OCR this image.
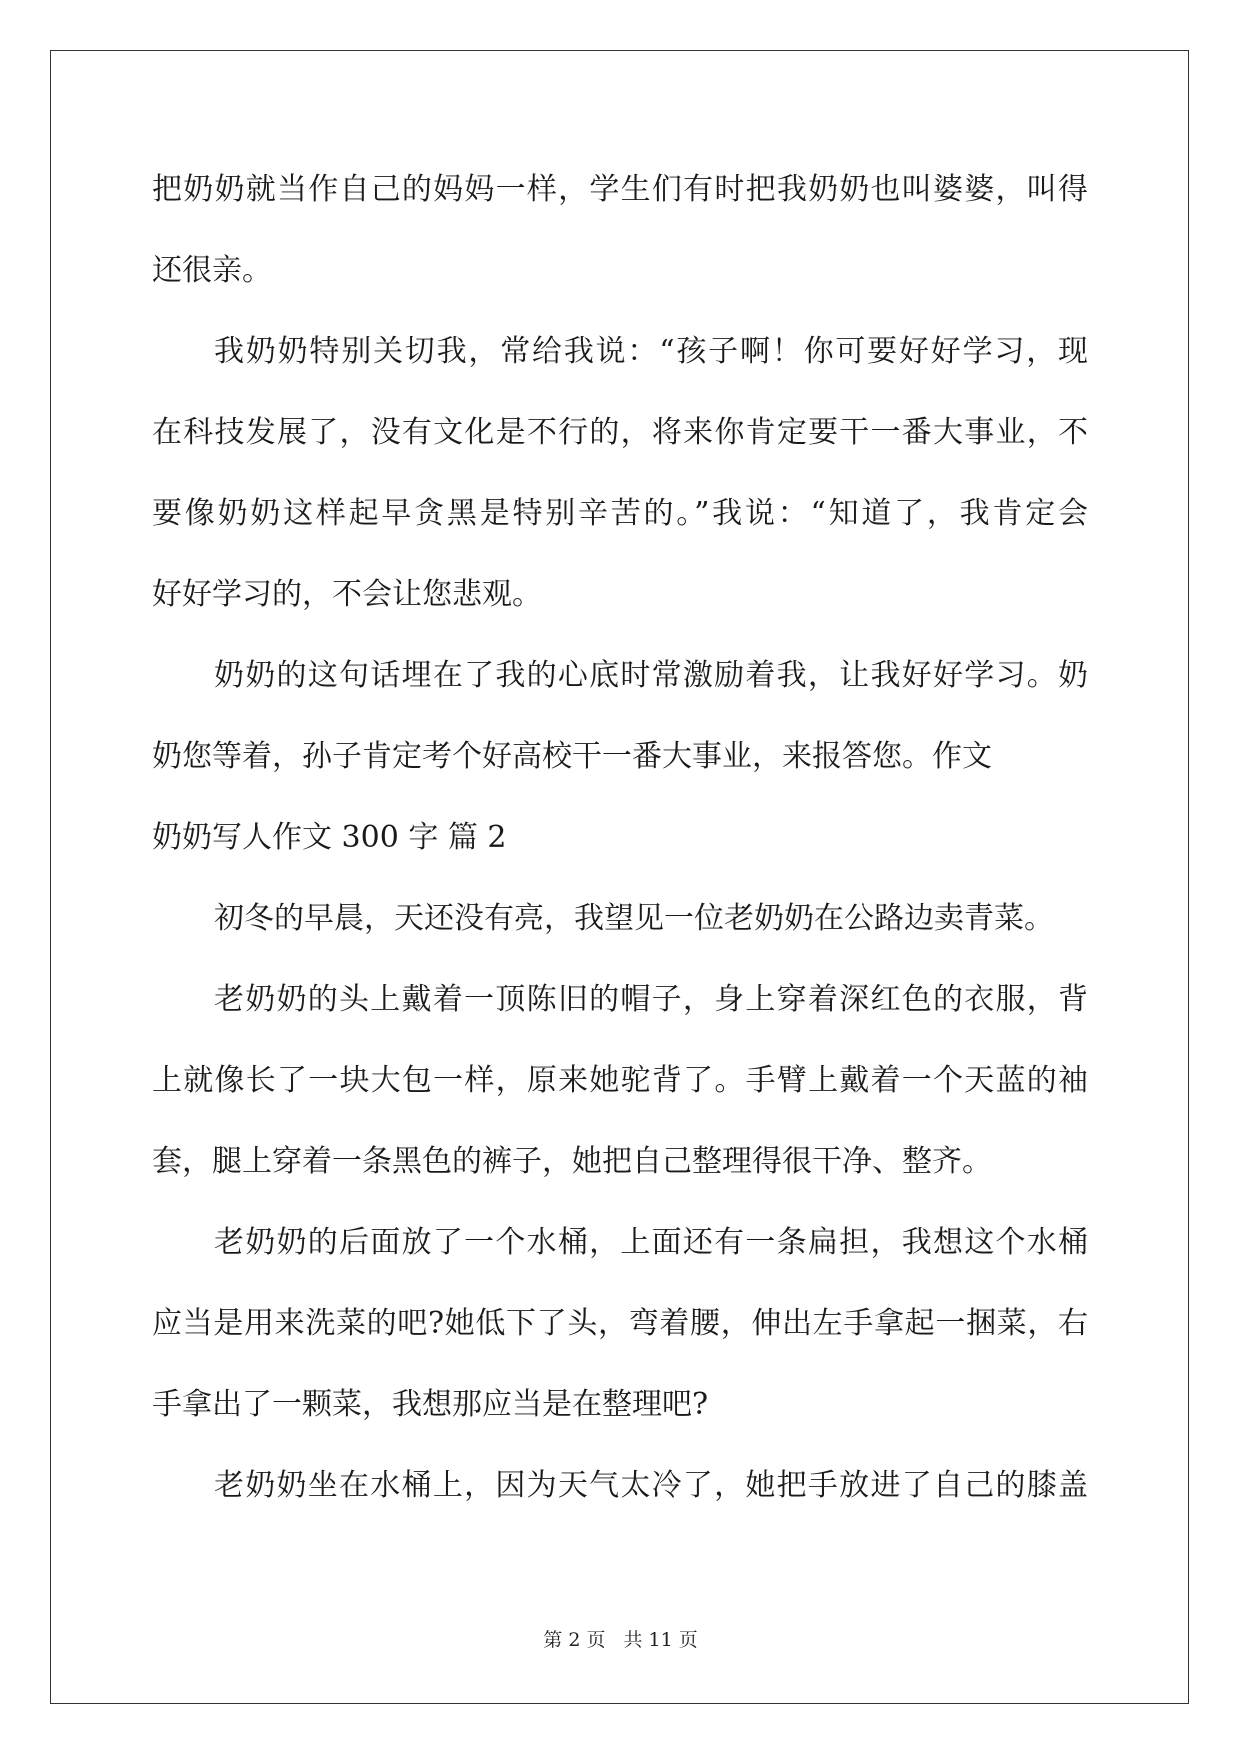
把奶奶就当作自己的妈妈一样，学生们有时把我奶奶也叫婆婆，叫得
还很亲。
我奶奶特别关切我，常给我说：“孩子啊！你可要好好学习，现
在科技发展了，没有文化是不行的，将来你肯定要干一番大事业，不
要像奶奶这样起早贪黑是特别辛苦的。”我说：“知道了，我肯定会
好好学习的，不会让您悲观。
奶奶的这句话埋在了我的心底时常激励着我，让我好好学习。奶
奶您等着，孙子肯定考个好高校干一番大事业，来报答您。作文
奶奶写人作文 300 字 篇 2
初冬的早晨，天还没有亮，我望见一位老奶奶在公路边卖青菜。
老奶奶的头上戴着一顶陈旧的帽子，身上穿着深红色的衣服，背
上就像长了一块大包一样，原来她驼背了。手臂上戴着一个天蓝的袖
套，腿上穿着一条黑色的裤子，她把自己整理得很干净、整齐。
老奶奶的后面放了一个水桶，上面还有一条扁担，我想这个水桶
应当是用来洗菜的吧?她低下了头，弯着腰，伸出左手拿起一捆菜，右
手拿出了一颗菜，我想那应当是在整理吧?
老奶奶坐在水桶上，因为天气太冷了，她把手放进了自己的膝盖
第 2 页 共 11 页
